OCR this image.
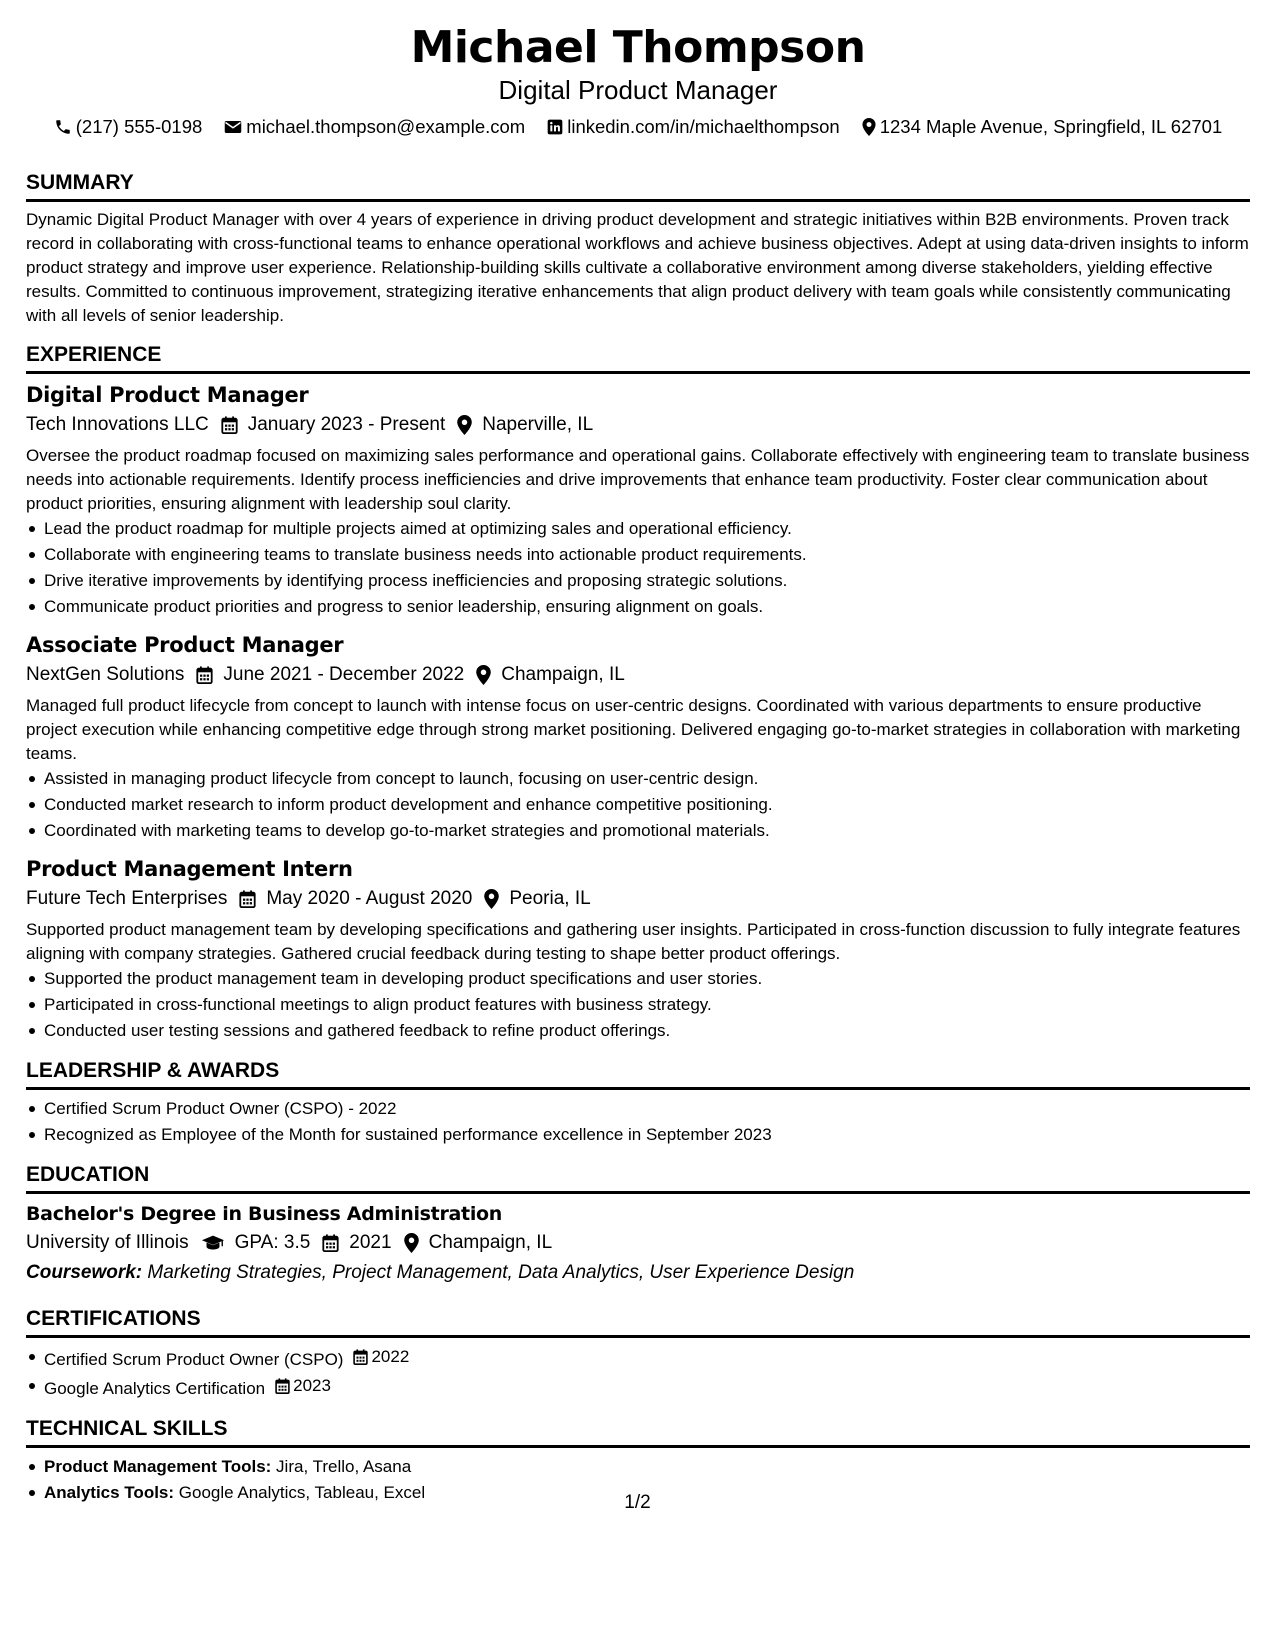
Michael Thompson
Digital Product Manager
(217) 555-0198 michael.thompson@example.com linkedin.com/in/michaelthompson 1234 Maple Avenue, Springfield, IL 62701
SUMMARY

Dynamic Digital Product Manager with over 4 years of experience in driving product development and strategic initiatives within B2B environments. Proven track record in collaborating with cross-functional teams to enhance operational workflows and achieve business objectives. Adept at using data-driven insights to inform product strategy and improve user experience. Relationship-building skills cultivate a collaborative environment among diverse stakeholders, yielding effective results. Committed to continuous improvement, strategizing iterative enhancements that align product delivery with team goals while consistently communicating with all levels of senior leadership.

EXPERIENCE
Digital Product Manager
Tech Innovations LLC January 2023 - Present Naperville, IL

Oversee the product roadmap focused on maximizing sales performance and operational gains. Collaborate effectively with engineering team to translate business needs into actionable requirements. Identify process inefficiencies and drive improvements that enhance team productivity. Foster clear communication about product priorities, ensuring alignment with leadership soul clarity.

Lead the product roadmap for multiple projects aimed at optimizing sales and operational efficiency.
Collaborate with engineering teams to translate business needs into actionable product requirements.
Drive iterative improvements by identifying process inefficiencies and proposing strategic solutions.
Communicate product priorities and progress to senior leadership, ensuring alignment on goals.
Associate Product Manager
NextGen Solutions June 2021 - December 2022 Champaign, IL

Managed full product lifecycle from concept to launch with intense focus on user-centric designs. Coordinated with various departments to ensure productive project execution while enhancing competitive edge through strong market positioning. Delivered engaging go-to-market strategies in collaboration with marketing teams.

Assisted in managing product lifecycle from concept to launch, focusing on user-centric design.
Conducted market research to inform product development and enhance competitive positioning.
Coordinated with marketing teams to develop go-to-market strategies and promotional materials.
Product Management Intern
Future Tech Enterprises May 2020 - August 2020 Peoria, IL

Supported product management team by developing specifications and gathering user insights. Participated in cross-function discussion to fully integrate features aligning with company strategies. Gathered crucial feedback during testing to shape better product offerings.

Supported the product management team in developing product specifications and user stories.
Participated in cross-functional meetings to align product features with business strategy.
Conducted user testing sessions and gathered feedback to refine product offerings.
LEADERSHIP & AWARDS
Certified Scrum Product Owner (CSPO) - 2022
Recognized as Employee of the Month for sustained performance excellence in September 2023
EDUCATION
Bachelor's Degree in Business Administration
University of Illinois GPA: 3.5 2021 Champaign, IL
Coursework: Marketing Strategies, Project Management, Data Analytics, User Experience Design
CERTIFICATIONS
Certified Scrum Product Owner (CSPO) 2022
Google Analytics Certification 2023
TECHNICAL SKILLS
Product Management Tools: Jira, Trello, Asana
Analytics Tools: Google Analytics, Tableau, Excel	1/2
